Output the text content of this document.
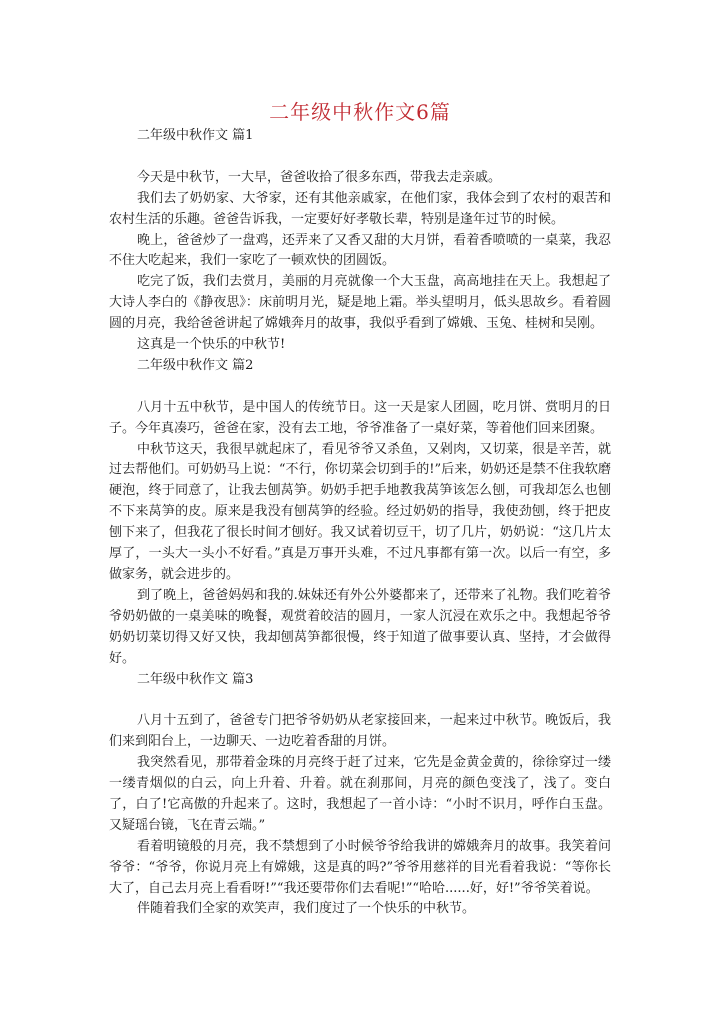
二年级中秋作文6篇
二年级中秋作文 篇1

今天是中秋节，一大早，爸爸收拾了很多东西，带我去走亲戚。

我们去了奶奶家、大爷家，还有其他亲戚家，在他们家，我体会到了农村的艰苦和农村生活的乐趣。爸爸告诉我，一定要好好孝敬长辈，特别是逢年过节的时候。

晚上，爸爸炒了一盘鸡，还弄来了又香又甜的大月饼，看着香喷喷的一桌菜，我忍不住大吃起来，我们一家吃了一顿欢快的团圆饭。

吃完了饭，我们去赏月，美丽的月亮就像一个大玉盘，高高地挂在天上。我想起了大诗人李白的《静夜思》：床前明月光，疑是地上霜。举头望明月，低头思故乡。看着圆圆的月亮，我给爸爸讲起了嫦娥奔月的故事，我似乎看到了嫦娥、玉兔、桂树和吴刚。

这真是一个快乐的中秋节!

二年级中秋作文 篇2

八月十五中秋节，是中国人的传统节日。这一天是家人团圆，吃月饼、赏明月的日子。今年真凑巧，爸爸在家，没有去工地，爷爷准备了一桌好菜，等着他们回来团聚。

中秋节这天，我很早就起床了，看见爷爷又杀鱼，又剁肉，又切菜，很是辛苦，就过去帮他们。可奶奶马上说：“不行，你切菜会切到手的!”后来，奶奶还是禁不住我软磨硬泡，终于同意了，让我去刨莴笋。奶奶手把手地教我莴笋该怎么刨，可我却怎么也刨不下来莴笋的皮。原来是我没有刨莴笋的经验。经过奶奶的指导，我使劲刨，终于把皮刨下来了，但我花了很长时间才刨好。我又试着切豆干，切了几片，奶奶说：“这几片太厚了，一头大一头小不好看。”真是万事开头难，不过凡事都有第一次。以后一有空，多做家务，就会进步的。

到了晚上，爸爸妈妈和我的.妹妹还有外公外婆都来了，还带来了礼物。我们吃着爷爷奶奶做的一桌美味的晚餐，观赏着皎洁的圆月，一家人沉浸在欢乐之中。我想起爷爷奶奶切菜切得又好又快，我却刨莴笋都很慢，终于知道了做事要认真、坚持，才会做得好。

二年级中秋作文 篇3

八月十五到了，爸爸专门把爷爷奶奶从老家接回来，一起来过中秋节。晚饭后，我们来到阳台上，一边聊天、一边吃着香甜的月饼。

我突然看见，那带着金珠的月亮终于赶了过来，它先是金黄金黄的，徐徐穿过一缕一缕青烟似的白云，向上升着、升着。就在刹那间，月亮的颜色变浅了，浅了。变白了，白了!它高傲的升起来了。这时，我想起了一首小诗：“小时不识月，呼作白玉盘。又疑瑶台镜，飞在青云端。”

看着明镜般的月亮，我不禁想到了小时候爷爷给我讲的嫦娥奔月的故事。我笑着问爷爷：“爷爷，你说月亮上有嫦娥，这是真的吗?”爷爷用慈祥的目光看着我说：“等你长大了，自己去月亮上看看呀!”“我还要带你们去看呢!”“哈哈......好，好!”爷爷笑着说。

伴随着我们全家的欢笑声，我们度过了一个快乐的中秋节。
